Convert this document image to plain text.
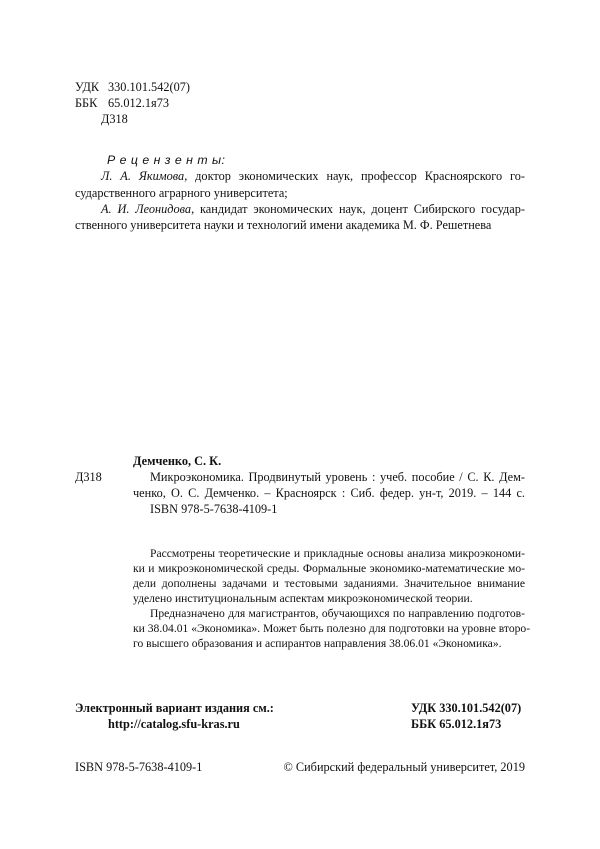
УДК 330.101.542(07)
ББК 65.012.1я73
Д318
Р е ц е н з е н т ы:
Л. А. Якимова, доктор экономических наук, профессор Красноярского го-
сударственного аграрного университета;
А. И. Леонидова, кандидат экономических наук, доцент Сибирского государ-
ственного университета науки и технологий имени академика М. Ф. Решетнева
Демченко, С. К.
Д318	Микроэкономика. Продвинутый уровень : учеб. пособие / С. К. Дем-
ченко, О. С. Демченко. – Красноярск : Сиб. федер. ун-т, 2019. – 144 с.
ISBN 978-5-7638-4109-1
Рассмотрены теоретические и прикладные основы анализа микроэкономи-
ки и микроэкономической среды. Формальные экономико-математические мо-
дели дополнены задачами и тестовыми заданиями. Значительное внимание
уделено институциональным аспектам микроэкономической теории.
Предназначено для магистрантов, обучающихся по направлению подготов-
ки 38.04.01 «Экономика». Может быть полезно для подготовки на уровне второ-
го высшего образования и аспирантов направления 38.06.01 «Экономика».
Электронный вариант издания см.:
http://catalog.sfu-kras.ru
УДК 330.101.542(07)
ББК 65.012.1я73
ISBN 978-5-7638-4109-1	© Сибирский федеральный университет, 2019
